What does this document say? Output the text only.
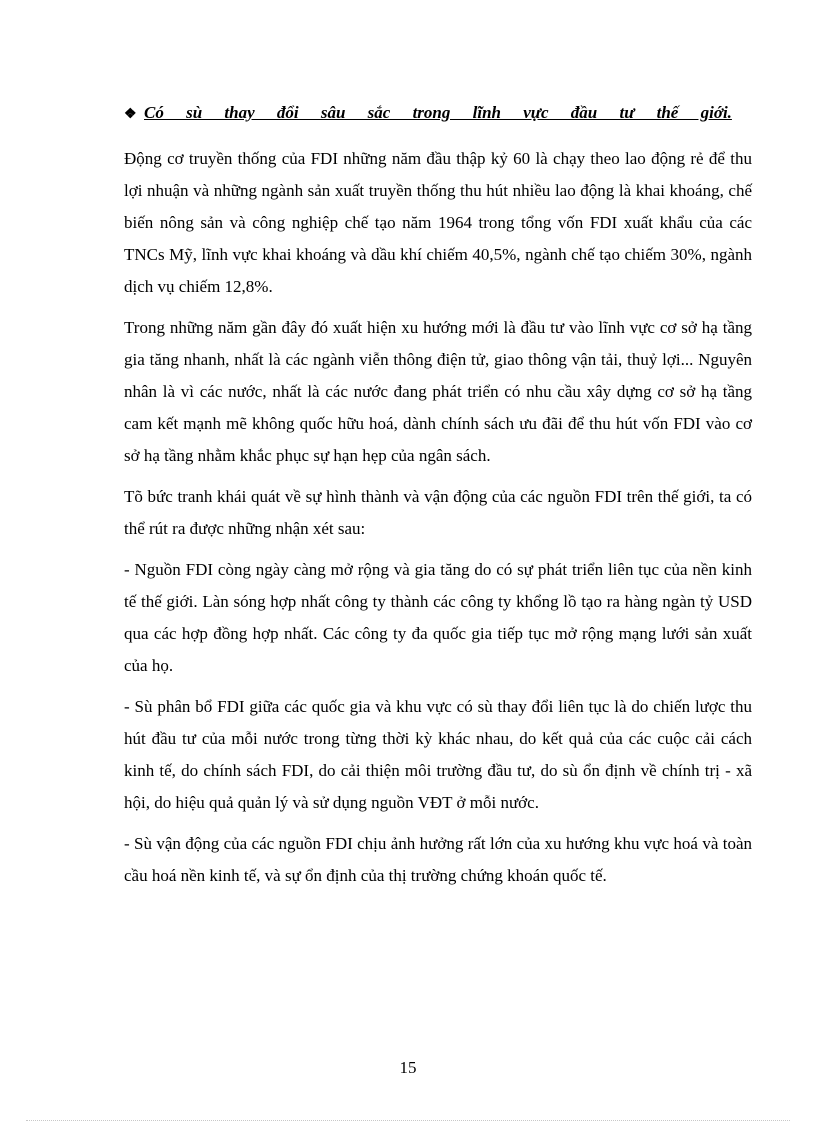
❖ Có sù thay đổi sâu sắc trong lĩnh vực đầu tư thế giới.

Động cơ truyền thống của FDI những năm đầu thập kỷ 60 là chạy theo lao động rẻ để thu lợi nhuận và những ngành sản xuất truyền thống thu hút nhiều lao động là khai khoáng, chế biến nông sản và công nghiệp chế tạo năm 1964 trong tổng vốn FDI xuất khẩu của các TNCs Mỹ, lĩnh vực khai khoáng và dầu khí chiếm 40,5%, ngành chế tạo chiếm 30%, ngành dịch vụ chiếm 12,8%.

Trong những năm gần đây đó xuất hiện xu hướng mới là đầu tư vào lĩnh vực cơ sở hạ tầng gia tăng nhanh, nhất là các ngành viễn thông điện tử, giao thông vận tải, thuỷ lợi... Nguyên nhân là vì các nước, nhất là các nước đang phát triển có nhu cầu xây dựng cơ sở hạ tầng cam kết mạnh mẽ không quốc hữu hoá, dành chính sách ưu đãi để thu hút vốn FDI vào cơ sở hạ tầng nhằm khắc phục sự hạn hẹp của ngân sách.

Tõ bức tranh khái quát về sự hình thành và vận động của các nguồn FDI trên thế giới, ta có thể rút ra được những nhận xét sau:

- Nguồn FDI còng ngày càng mở rộng và gia tăng do có sự phát triển liên tục của nền kinh tế thế giới. Làn sóng hợp nhất công ty thành các công ty khổng lồ tạo ra hàng ngàn tỷ USD qua các hợp đồng hợp nhất. Các công ty đa quốc gia tiếp tục mở rộng mạng lưới sản xuất của họ.

- Sù phân bổ FDI giữa các quốc gia và khu vực có sù thay đổi liên tục là do chiến lược thu hút đầu tư của mỗi nước trong từng thời kỳ khác nhau, do kết quả của các cuộc cải cách kinh tế, do chính sách FDI, do cải thiện môi trường đầu tư, do sù ổn định về chính trị - xã hội, do hiệu quả quản lý và sử dụng nguồn VĐT ở mỗi nước.

- Sù vận động của các nguồn FDI chịu ảnh hưởng rất lớn của xu hướng khu vực hoá và toàn cầu hoá nền kinh tế, và sự ổn định của thị trường chứng khoán quốc tế.

15
